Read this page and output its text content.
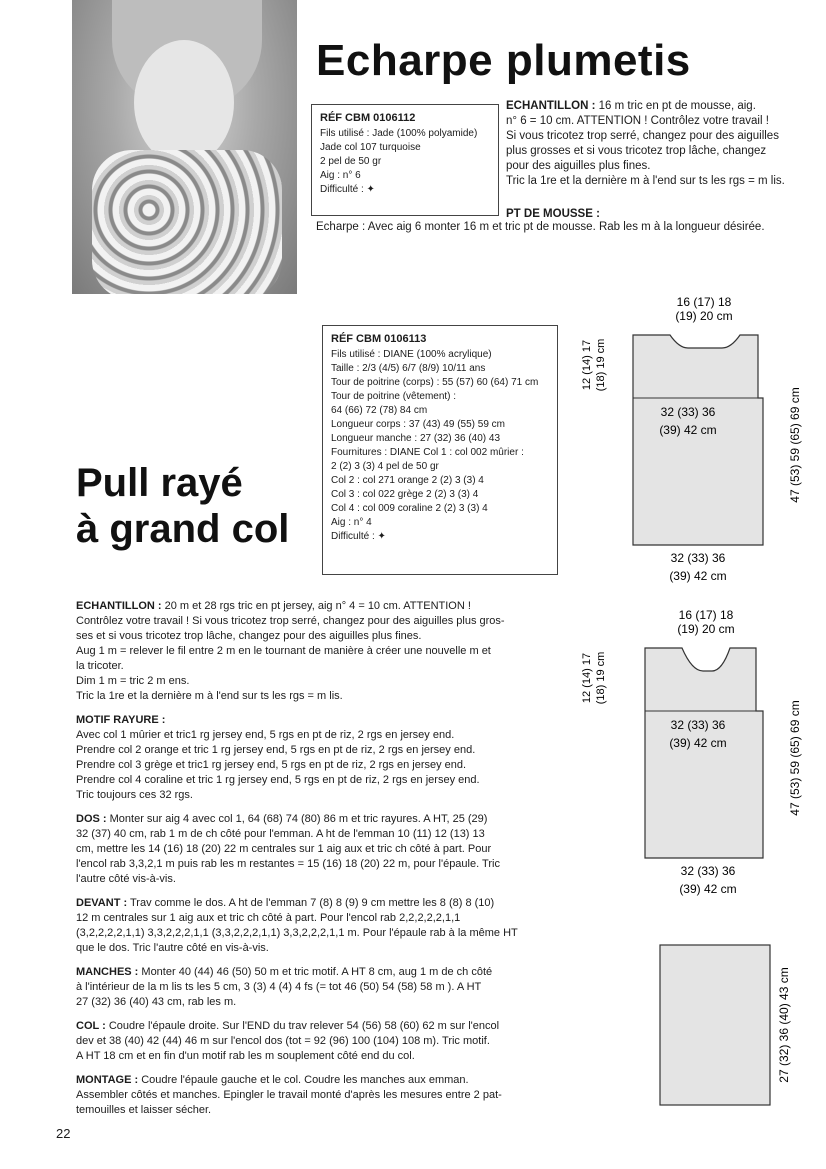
Echarpe plumetis
RÉF CBM 0106112
Fils utilisé : Jade (100% polyamide)
Jade col 107 turquoise
2 pel de 50 gr
Aig : n° 6
Difficulté : ✦

ECHANTILLON : 16 m tric en pt de mousse, aig.

n° 6 = 10 cm. ATTENTION ! Contrôlez votre travail !

Si vous tricotez trop serré, changez pour des aiguilles

plus grosses et si vous tricotez trop lâche, changez

pour des aiguilles plus fines.

Tric la 1re et la dernière m à l'end sur ts les rgs = m lis.

PT DE MOUSSE :
Echarpe : Avec aig 6 monter 16 m et tric pt de mousse. Rab les m à la longueur désirée.
RÉF CBM 0106113
Fils utilisé : DIANE (100% acrylique)
Taille : 2/3 (4/5) 6/7 (8/9) 10/11 ans
Tour de poitrine (corps) : 55 (57) 60 (64) 71 cm
Tour de poitrine (vêtement) :
64 (66) 72 (78) 84 cm
Longueur corps : 37 (43) 49 (55) 59 cm
Longueur manche : 27 (32) 36 (40) 43
Fournitures : DIANE Col 1 : col 002 mûrier :
2 (2) 3 (3) 4 pel de 50 gr
Col 2 : col 271 orange 2 (2) 3 (3) 4
Col 3 : col 022 grège 2 (2) 3 (3) 4
Col 4 : col 009 coraline 2 (2) 3 (3) 4
Aig : n° 4
Difficulté : ✦
Pull rayé
à grand col

ECHANTILLON : 20 m et 28 rgs tric en pt jersey, aig n° 4 = 10 cm. ATTENTION !

Contrôlez votre travail ! Si vous tricotez trop serré, changez pour des aiguilles plus gros-

ses et si vous tricotez trop lâche, changez pour des aiguilles plus fines.

Aug 1 m = relever le fil entre 2 m en le tournant de manière à créer une nouvelle m et

la tricoter.

Dim 1 m = tric 2 m ens.

Tric la 1re et la dernière m à l'end sur ts les rgs = m lis.

MOTIF RAYURE :

Avec col 1 mûrier et tric1 rg jersey end, 5 rgs en pt de riz, 2 rgs en jersey end.

Prendre col 2 orange et tric 1 rg jersey end, 5 rgs en pt de riz, 2 rgs en jersey end.

Prendre col 3 grège et tric1 rg jersey end, 5 rgs en pt de riz, 2 rgs en jersey end.

Prendre col 4 coraline et tric 1 rg jersey end, 5 rgs en pt de riz, 2 rgs en jersey end.

Tric toujours ces 32 rgs.

DOS : Monter sur aig 4 avec col 1, 64 (68) 74 (80) 86 m et tric rayures. A HT, 25 (29)

32 (37) 40 cm, rab 1 m de ch côté pour l'emman. A ht de l'emman 10 (11) 12 (13) 13

cm, mettre les 14 (16) 18 (20) 22 m centrales sur 1 aig aux et tric ch côté à part. Pour

l'encol rab 3,3,2,1 m puis rab les m restantes = 15 (16) 18 (20) 22 m, pour l'épaule. Tric

l'autre côté vis-à-vis.

DEVANT : Trav comme le dos. A ht de l'emman 7 (8) 8 (9) 9 cm mettre les 8 (8) 8 (10)

12 m centrales sur 1 aig aux et tric ch côté à part. Pour l'encol rab 2,2,2,2,2,1,1

(3,2,2,2,2,1,1) 3,3,2,2,2,1,1 (3,3,2,2,2,1,1) 3,3,2,2,2,1,1 m. Pour l'épaule rab à la même HT

que le dos. Tric l'autre côté en vis-à-vis.

MANCHES : Monter 40 (44) 46 (50) 50 m et tric motif. A HT 8 cm, aug 1 m de ch côté

à l'intérieur de la m lis ts les 5 cm, 3 (3) 4 (4) 4 fs (= tot 46 (50) 54 (58) 58 m ). A HT

27 (32) 36 (40) 43 cm, rab les m.

COL : Coudre l'épaule droite. Sur l'END du trav relever 54 (56) 58 (60) 62 m sur l'encol

dev et 38 (40) 42 (44) 46 m sur l'encol dos (tot = 92 (96) 100 (104) 108 m). Tric motif.

A HT 18 cm et en fin d'un motif rab les m souplement côté end du col.

MONTAGE : Coudre l'épaule gauche et le col. Coudre les manches aux emman.

Assembler côtés et manches. Epingler le travail monté d'après les mesures entre 2 pat-

temouilles et laisser sécher.

16 (17) 18
(19) 20 cm
32 (33) 36
(39) 42 cm
32 (33) 36
(39) 42 cm
12 (14) 17 (18) 19 cm
47 (53) 59 (65) 69 cm
16 (17) 18
(19) 20 cm
32 (33) 36
(39) 42 cm
32 (33) 36
(39) 42 cm
12 (14) 17 (18) 19 cm
47 (53) 59 (65) 69 cm
27 (32) 36 (40) 43 cm
22
